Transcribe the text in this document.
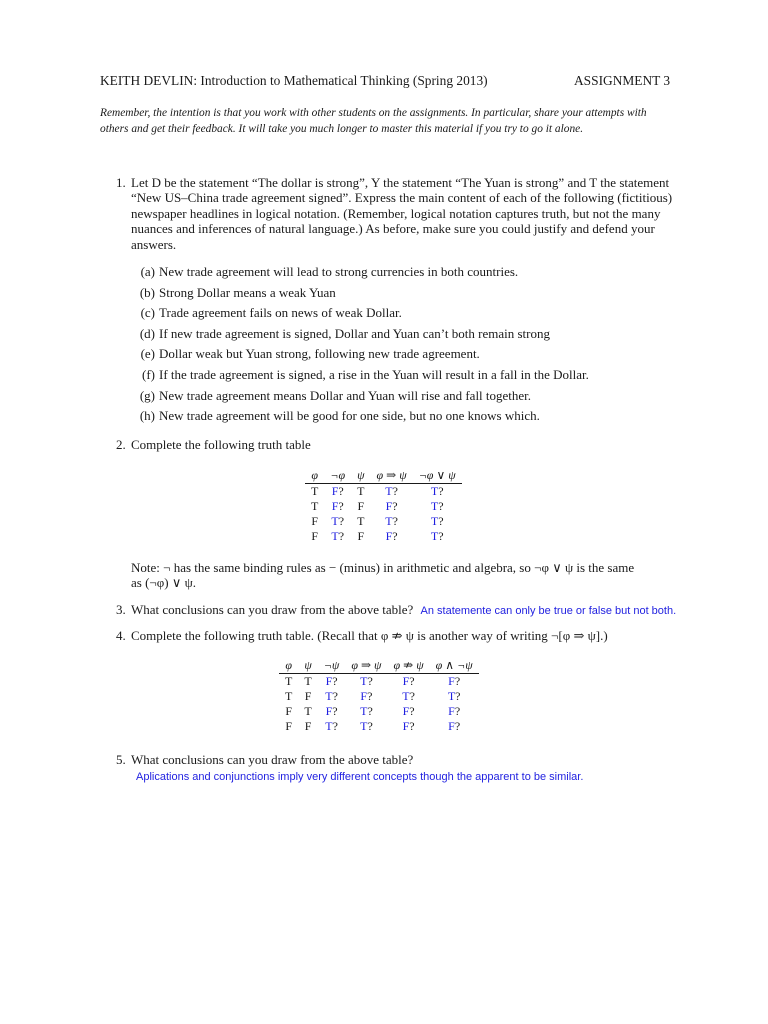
KEITH DEVLIN: Introduction to Mathematical Thinking (Spring 2013)	ASSIGNMENT 3
Remember, the intention is that you work with other students on the assignments. In particular, share your attempts with others and get their feedback. It will take you much longer to master this material if you try to go it alone.
1. Let D be the statement “The dollar is strong”, Y the statement “The Yuan is strong” and T the statement “New US–China trade agreement signed”. Express the main content of each of the following (fictitious) newspaper headlines in logical notation. (Remember, logical notation captures truth, but not the many nuances and inferences of natural language.) As before, make sure you could justify and defend your answers.
(a) New trade agreement will lead to strong currencies in both countries.
(b) Strong Dollar means a weak Yuan
(c) Trade agreement fails on news of weak Dollar.
(d) If new trade agreement is signed, Dollar and Yuan can’t both remain strong
(e) Dollar weak but Yuan strong, following new trade agreement.
(f) If the trade agreement is signed, a rise in the Yuan will result in a fall in the Dollar.
(g) New trade agreement means Dollar and Yuan will rise and fall together.
(h) New trade agreement will be good for one side, but no one knows which.
2. Complete the following truth table
φ	¬φ	ψ	φ ⇒ ψ	¬φ ∨ ψ
T	F?	T	T?	T?
T	F?	F	F?	T?
F	T?	T	T?	T?
F	T?	F	F?	T?
Note: ¬ has the same binding rules as − (minus) in arithmetic and algebra, so ¬φ ∨ ψ is the same
as (¬φ) ∨ ψ.
3. What conclusions can you draw from the above table? An statemente can only be true or false but not both.
4. Complete the following truth table. (Recall that φ ⇏ ψ is another way of writing ¬[φ ⇒ ψ].)
φ	ψ	¬ψ	φ ⇒ ψ	φ ⇏ ψ	φ ∧ ¬ψ
T	T	F?	T?	F?	F?
T	F	T?	F?	T?	T?
F	T	F?	T?	F?	F?
F	F	T?	T?	F?	F?
5. What conclusions can you draw from the above table?
Aplications and conjunctions imply very different concepts though the apparent to be similar.
